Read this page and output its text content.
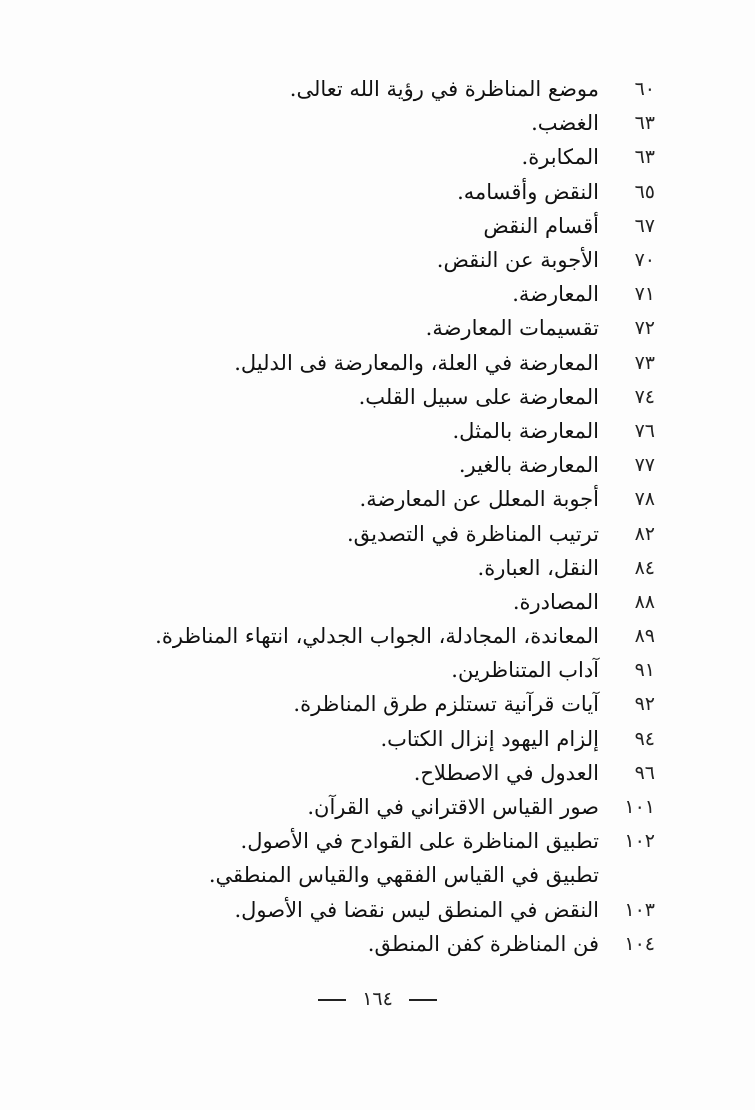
٦٠
موضع المناظرة في رؤية الله تعالى.
٦٣
الغضب.
٦٣
المكابرة.
٦٥
النقض وأقسامه.
٦٧
أقسام النقض
٧٠
الأجوبة عن النقض.
٧١
المعارضة.
٧٢
تقسيمات المعارضة.
٧٣
المعارضة في العلة، والمعارضة فى الدليل.
٧٤
المعارضة على سبيل القلب.
٧٦
المعارضة بالمثل.
٧٧
المعارضة بالغير.
٧٨
أجوبة المعلل عن المعارضة.
٨٢
ترتيب المناظرة في التصديق.
٨٤
النقل، العبارة.
٨٨
المصادرة.
٨٩
المعاندة، المجادلة، الجواب الجدلي، انتهاء المناظرة.
٩١
آداب المتناظرين.
٩٢
آيات قرآنية تستلزم طرق المناظرة.
٩٤
إلزام اليهود إنزال الكتاب.
٩٦
العدول في الاصطلاح.
١٠١
صور القياس الاقتراني في القرآن.
١٠٢
تطبيق المناظرة على القوادح في الأصول.
تطبيق في القياس الفقهي والقياس المنطقي.
١٠٣
النقض في المنطق ليس نقضا في الأصول.
١٠٤
فن المناظرة كفن المنطق.
١٦٤
